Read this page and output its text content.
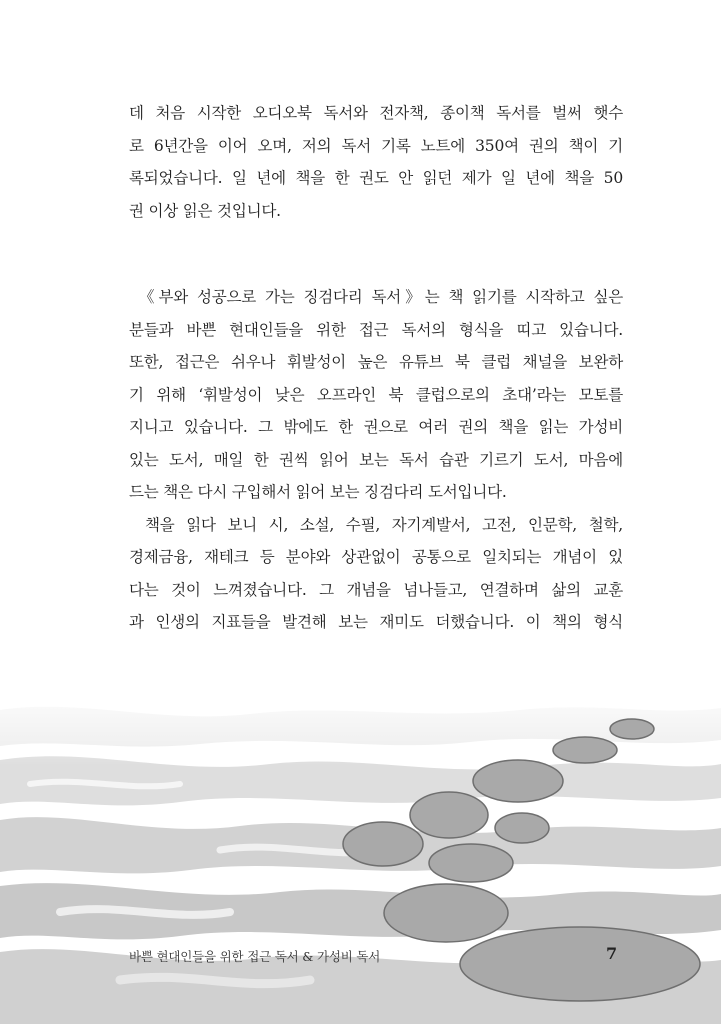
데 처음 시작한 오디오북 독서와 전자책, 종이책 독서를 벌써 햇수
로 6년간을 이어 오며, 저의 독서 기록 노트에 350여 권의 책이 기
록되었습니다. 일 년에 책을 한 권도 안 읽던 제가 일 년에 책을 50
권 이상 읽은 것입니다.
《부와 성공으로 가는 징검다리 독서》는 책 읽기를 시작하고 싶은
분들과 바쁜 현대인들을 위한 접근 독서의 형식을 띠고 있습니다.
또한, 접근은 쉬우나 휘발성이 높은 유튜브 북 클럽 채널을 보완하
기 위해 ‘휘발성이 낮은 오프라인 북 클럽으로의 초대’라는 모토를
지니고 있습니다. 그 밖에도 한 권으로 여러 권의 책을 읽는 가성비
있는 도서, 매일 한 권씩 읽어 보는 독서 습관 기르기 도서, 마음에
드는 책은 다시 구입해서 읽어 보는 징검다리 도서입니다.
책을 읽다 보니 시, 소설, 수필, 자기계발서, 고전, 인문학, 철학,
경제금융, 재테크 등 분야와 상관없이 공통으로 일치되는 개념이 있
다는 것이 느껴졌습니다. 그 개념을 넘나들고, 연결하며 삶의 교훈
과 인생의 지표들을 발견해 보는 재미도 더했습니다. 이 책의 형식
바쁜 현대인들을 위한 접근 독서 & 가성비 독서	7
